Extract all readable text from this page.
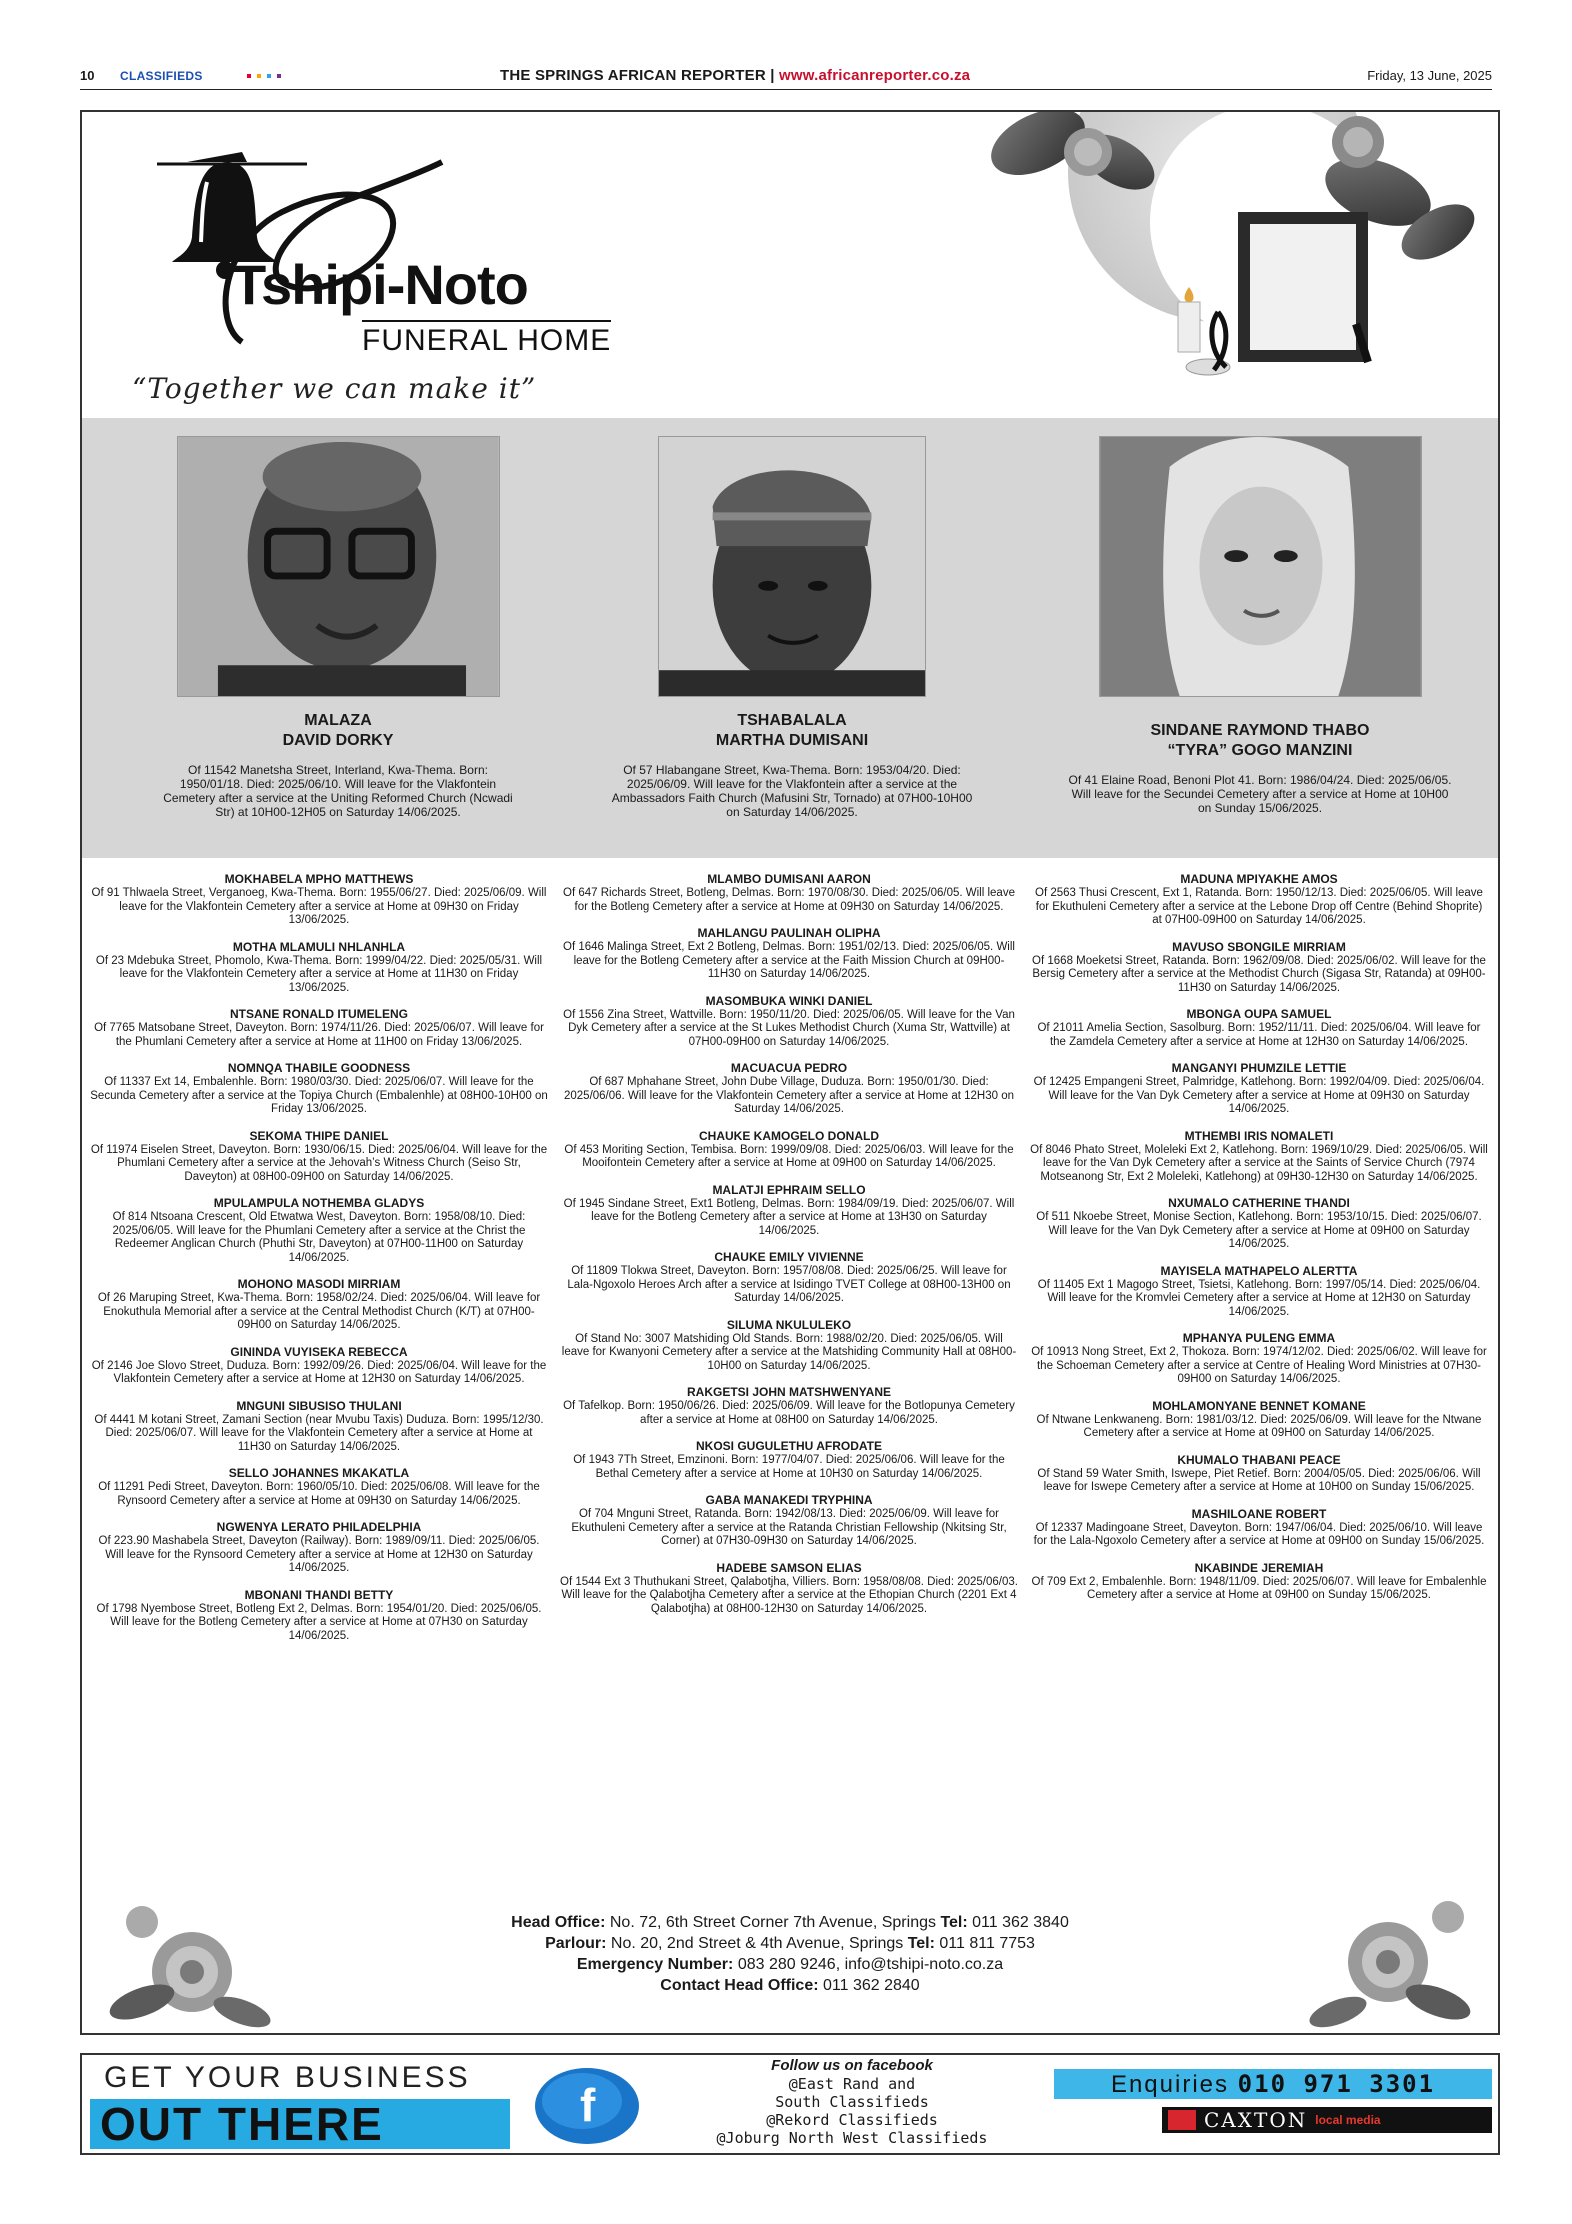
10	CLASSIFIEDS	THE SPRINGS AFRICAN REPORTER | www.africanreporter.co.za	Friday, 13 June, 2025
Tshipi-Noto
FUNERAL HOME
“Together we can make it”
MALAZA
DAVID DORKY
Of 11542 Manetsha Street, Interland, Kwa-Thema. Born: 1950/01/18. Died: 2025/06/10. Will leave for the Vlakfontein Cemetery after a service at the Uniting Reformed Church (Ncwadi Str) at 10H00-12H05 on Saturday 14/06/2025.
TSHABALALA
MARTHA DUMISANI
Of 57 Hlabangane Street, Kwa-Thema. Born: 1953/04/20. Died: 2025/06/09. Will leave for the Vlakfontein after a service at the Ambassadors Faith Church (Mafusini Str, Tornado) at 07H00-10H00 on Saturday 14/06/2025.
SINDANE RAYMOND THABO
“TYRA” GOGO MANZINI
Of 41 Elaine Road, Benoni Plot 41. Born: 1986/04/24. Died: 2025/06/05. Will leave for the Secundei Cemetery after a service at Home at 10H00 on Sunday 15/06/2025.
MOKHABELA MPHO MATTHEWS
Of 91 Thlwaela Street, Verganoeg, Kwa-Thema. Born: 1955/06/27. Died: 2025/06/09. Will leave for the Vlakfontein Cemetery after a service at Home at 09H30 on Friday 13/06/2025.
MOTHA MLAMULI NHLANHLA
Of 23 Mdebuka Street, Phomolo, Kwa-Thema. Born: 1999/04/22. Died: 2025/05/31. Will leave for the Vlakfontein Cemetery after a service at Home at 11H30 on Friday 13/06/2025.
NTSANE RONALD ITUMELENG
Of 7765 Matsobane Street, Daveyton. Born: 1974/11/26. Died: 2025/06/07. Will leave for the Phumlani Cemetery after a service at Home at 11H00 on Friday 13/06/2025.
NOMNQA THABILE GOODNESS
Of 11337 Ext 14, Embalenhle. Born: 1980/03/30. Died: 2025/06/07. Will leave for the Secunda Cemetery after a service at the Topiya Church (Embalenhle) at 08H00-10H00 on Friday 13/06/2025.
SEKOMA THIPE DANIEL
Of 11974 Eiselen Street, Daveyton. Born: 1930/06/15. Died: 2025/06/04. Will leave for the Phumlani Cemetery after a service at the Jehovah’s Witness Church (Seiso Str, Daveyton) at 08H00-09H00 on Saturday 14/06/2025.
MPULAMPULA NOTHEMBA GLADYS
Of 814 Ntsoana Crescent, Old Etwatwa West, Daveyton. Born: 1958/08/10. Died: 2025/06/05. Will leave for the Phumlani Cemetery after a service at the Christ the Redeemer Anglican Church (Phuthi Str, Daveyton) at 07H00-11H00 on Saturday 14/06/2025.
MOHONO MASODI MIRRIAM
Of 26 Maruping Street, Kwa-Thema. Born: 1958/02/24. Died: 2025/06/04. Will leave for Enokuthula Memorial after a service at the Central Methodist Church (K/T) at 07H00-09H00 on Saturday 14/06/2025.
GININDA VUYISEKA REBECCA
Of 2146 Joe Slovo Street, Duduza. Born: 1992/09/26. Died: 2025/06/04. Will leave for the Vlakfontein Cemetery after a service at Home at 12H30 on Saturday 14/06/2025.
MNGUNI SIBUSISO THULANI
Of 4441 M kotani Street, Zamani Section (near Mvubu Taxis) Duduza. Born: 1995/12/30. Died: 2025/06/07. Will leave for the Vlakfontein Cemetery after a service at Home at 11H30 on Saturday 14/06/2025.
SELLO JOHANNES MKAKATLA
Of 11291 Pedi Street, Daveyton. Born: 1960/05/10. Died: 2025/06/08. Will leave for the Rynsoord Cemetery after a service at Home at 09H30 on Saturday 14/06/2025.
NGWENYA LERATO PHILADELPHIA
Of 223.90 Mashabela Street, Daveyton (Railway). Born: 1989/09/11. Died: 2025/06/05. Will leave for the Rynsoord Cemetery after a service at Home at 12H30 on Saturday 14/06/2025.
MBONANI THANDI BETTY
Of 1798 Nyembose Street, Botleng Ext 2, Delmas. Born: 1954/01/20. Died: 2025/06/05. Will leave for the Botleng Cemetery after a service at Home at 07H30 on Saturday 14/06/2025.
MLAMBO DUMISANI AARON
Of 647 Richards Street, Botleng, Delmas. Born: 1970/08/30. Died: 2025/06/05. Will leave for the Botleng Cemetery after a service at Home at 09H30 on Saturday 14/06/2025.
MAHLANGU PAULINAH OLIPHA
Of 1646 Malinga Street, Ext 2 Botleng, Delmas. Born: 1951/02/13. Died: 2025/06/05. Will leave for the Botleng Cemetery after a service at the Faith Mission Church at 09H00-11H30 on Saturday 14/06/2025.
MASOMBUKA WINKI DANIEL
Of 1556 Zina Street, Wattville. Born: 1950/11/20. Died: 2025/06/05. Will leave for the Van Dyk Cemetery after a service at the St Lukes Methodist Church (Xuma Str, Wattville) at 07H00-09H00 on Saturday 14/06/2025.
MACUACUA PEDRO
Of 687 Mphahane Street, John Dube Village, Duduza. Born: 1950/01/30. Died: 2025/06/06. Will leave for the Vlakfontein Cemetery after a service at Home at 12H30 on Saturday 14/06/2025.
CHAUKE KAMOGELO DONALD
Of 453 Moriting Section, Tembisa. Born: 1999/09/08. Died: 2025/06/03. Will leave for the Mooifontein Cemetery after a service at Home at 09H00 on Saturday 14/06/2025.
MALATJI EPHRAIM SELLO
Of 1945 Sindane Street, Ext1 Botleng, Delmas. Born: 1984/09/19. Died: 2025/06/07. Will leave for the Botleng Cemetery after a service at Home at 13H30 on Saturday 14/06/2025.
CHAUKE EMILY VIVIENNE
Of 11809 Tlokwa Street, Daveyton. Born: 1957/08/08. Died: 2025/06/25. Will leave for Lala-Ngoxolo Heroes Arch after a service at Isidingo TVET College at 08H00-13H00 on Saturday 14/06/2025.
SILUMA NKULULEKO
Of Stand No: 3007 Matshiding Old Stands. Born: 1988/02/20. Died: 2025/06/05. Will leave for Kwanyoni Cemetery after a service at the Matshiding Community Hall at 08H00-10H00 on Saturday 14/06/2025.
RAKGETSI JOHN MATSHWENYANE
Of Tafelkop. Born: 1950/06/26. Died: 2025/06/09. Will leave for the Botlopunya Cemetery after a service at Home at 08H00 on Saturday 14/06/2025.
NKOSI GUGULETHU AFRODATE
Of 1943 7Th Street, Emzinoni. Born: 1977/04/07. Died: 2025/06/06. Will leave for the Bethal Cemetery after a service at Home at 10H30 on Saturday 14/06/2025.
GABA MANAKEDI TRYPHINA
Of 704 Mnguni Street, Ratanda. Born: 1942/08/13. Died: 2025/06/09. Will leave for Ekuthuleni Cemetery after a service at the Ratanda Christian Fellowship (Nkitsing Str, Corner) at 07H30-09H30 on Saturday 14/06/2025.
HADEBE SAMSON ELIAS
Of 1544 Ext 3 Thuthukani Street, Qalabotjha, Villiers. Born: 1958/08/08. Died: 2025/06/03. Will leave for the Qalabotjha Cemetery after a service at the Ethopian Church (2201 Ext 4 Qalabotjha) at 08H00-12H30 on Saturday 14/06/2025.
MADUNA MPIYAKHE AMOS
Of 2563 Thusi Crescent, Ext 1, Ratanda. Born: 1950/12/13. Died: 2025/06/05. Will leave for Ekuthuleni Cemetery after a service at the Lebone Drop off Centre (Behind Shoprite) at 07H00-09H00 on Saturday 14/06/2025.
MAVUSO SBONGILE MIRRIAM
Of 1668 Moeketsi Street, Ratanda. Born: 1962/09/08. Died: 2025/06/02. Will leave for the Bersig Cemetery after a service at the Methodist Church (Sigasa Str, Ratanda) at 09H00-11H30 on Saturday 14/06/2025.
MBONGA OUPA SAMUEL
Of 21011 Amelia Section, Sasolburg. Born: 1952/11/11. Died: 2025/06/04. Will leave for the Zamdela Cemetery after a service at Home at 12H30 on Saturday 14/06/2025.
MANGANYI PHUMZILE LETTIE
Of 12425 Empangeni Street, Palmridge, Katlehong. Born: 1992/04/09. Died: 2025/06/04. Will leave for the Van Dyk Cemetery after a service at Home at 09H30 on Saturday 14/06/2025.
MTHEMBI IRIS NOMALETI
Of 8046 Phato Street, Moleleki Ext 2, Katlehong. Born: 1969/10/29. Died: 2025/06/05. Will leave for the Van Dyk Cemetery after a service at the Saints of Service Church (7974 Motseanong Str, Ext 2 Moleleki, Katlehong) at 09H30-12H30 on Saturday 14/06/2025.
NXUMALO CATHERINE THANDI
Of 511 Nkoebe Street, Monise Section, Katlehong. Born: 1953/10/15. Died: 2025/06/07. Will leave for the Van Dyk Cemetery after a service at Home at 09H00 on Saturday 14/06/2025.
MAYISELA MATHAPELO ALERTTA
Of 11405 Ext 1 Magogo Street, Tsietsi, Katlehong. Born: 1997/05/14. Died: 2025/06/04. Will leave for the Kromvlei Cemetery after a service at Home at 12H30 on Saturday 14/06/2025.
MPHANYA PULENG EMMA
Of 10913 Nong Street, Ext 2, Thokoza. Born: 1974/12/02. Died: 2025/06/02. Will leave for the Schoeman Cemetery after a service at Centre of Healing Word Ministries at 07H30-09H00 on Saturday 14/06/2025.
MOHLAMONYANE BENNET KOMANE
Of Ntwane Lenkwaneng. Born: 1981/03/12. Died: 2025/06/09. Will leave for the Ntwane Cemetery after a service at Home at 09H00 on Saturday 14/06/2025.
KHUMALO THABANI PEACE
Of Stand 59 Water Smith, Iswepe, Piet Retief. Born: 2004/05/05. Died: 2025/06/06. Will leave for Iswepe Cemetery after a service at Home at 10H00 on Sunday 15/06/2025.
MASHILOANE ROBERT
Of 12337 Madingoane Street, Daveyton. Born: 1947/06/04. Died: 2025/06/10. Will leave for the Lala-Ngoxolo Cemetery after a service at Home at 09H00 on Sunday 15/06/2025.
NKABINDE JEREMIAH
Of 709 Ext 2, Embalenhle. Born: 1948/11/09. Died: 2025/06/07. Will leave for Embalenhle Cemetery after a service at Home at 09H00 on Sunday 15/06/2025.
Head Office: No. 72, 6th Street Corner 7th Avenue, Springs Tel: 011 362 3840
Parlour: No. 20, 2nd Street & 4th Avenue, Springs Tel: 011 811 7753
Emergency Number: 083 280 9246, info@tshipi-noto.co.za
Contact Head Office: 011 362 2840
GET YOUR BUSINESS
OUT THERE	f
Follow us on facebook
@East Rand and
South Classifieds
@Rekord Classifieds
@Joburg North West Classifieds
Enquiries 010 971 3301
CAXTON local media
